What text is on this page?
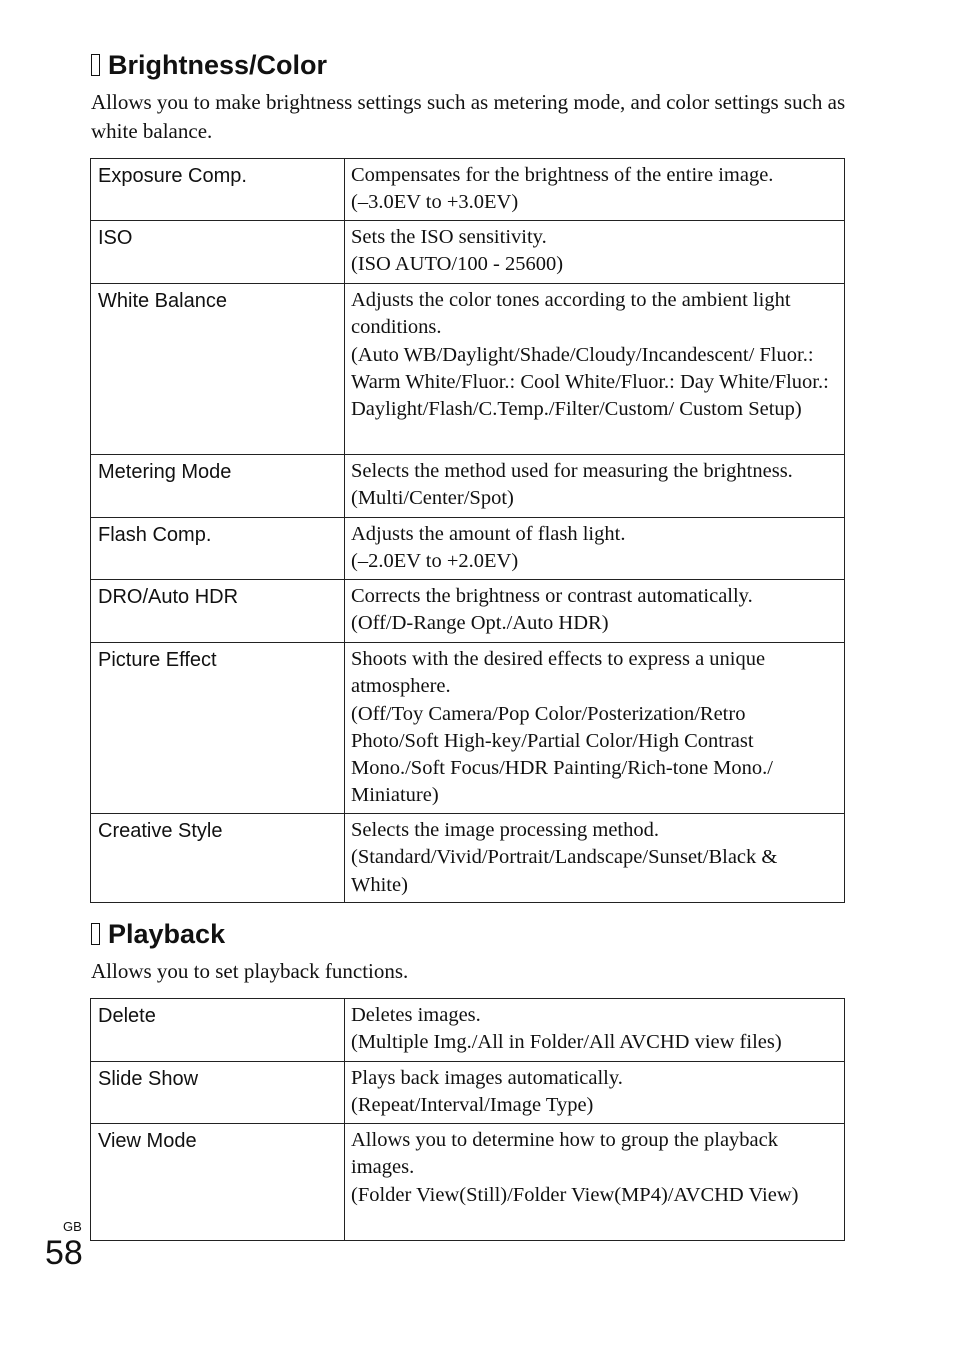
Brightness/Color

Allows you to make brightness settings such as metering mode, and color settings such as white balance.

Exposure Comp.	Compensates for the brightness of the entire image.
(–3.0EV to +3.0EV)

ISO	Sets the ISO sensitivity.
(ISO AUTO/100 - 25600)

White Balance	Adjusts the color tones according to the ambient light conditions.
(Auto WB/Daylight/Shade/Cloudy/Incandescent/ Fluor.: Warm White/Fluor.: Cool White/Fluor.: Day White/Fluor.: Daylight/Flash/C.Temp./Filter/Custom/ Custom Setup)

Metering Mode	Selects the method used for measuring the brightness.
(Multi/Center/Spot)

Flash Comp.	Adjusts the amount of flash light.
(–2.0EV to +2.0EV)

DRO/Auto HDR	Corrects the brightness or contrast automatically.
(Off/D-Range Opt./Auto HDR)

Picture Effect	Shoots with the desired effects to express a unique atmosphere.
(Off/Toy Camera/Pop Color/Posterization/Retro Photo/Soft High-key/Partial Color/High Contrast Mono./Soft Focus/HDR Painting/Rich-tone Mono./ Miniature)

Creative Style	Selects the image processing method.
(Standard/Vivid/Portrait/Landscape/Sunset/Black & White)
Playback

Allows you to set playback functions.

Delete	Deletes images.
(Multiple Img./All in Folder/All AVCHD view files)

Slide Show	Plays back images automatically.
(Repeat/Interval/Image Type)

View Mode	Allows you to determine how to group the playback images.
(Folder View(Still)/Folder View(MP4)/AVCHD View)
GB
58
